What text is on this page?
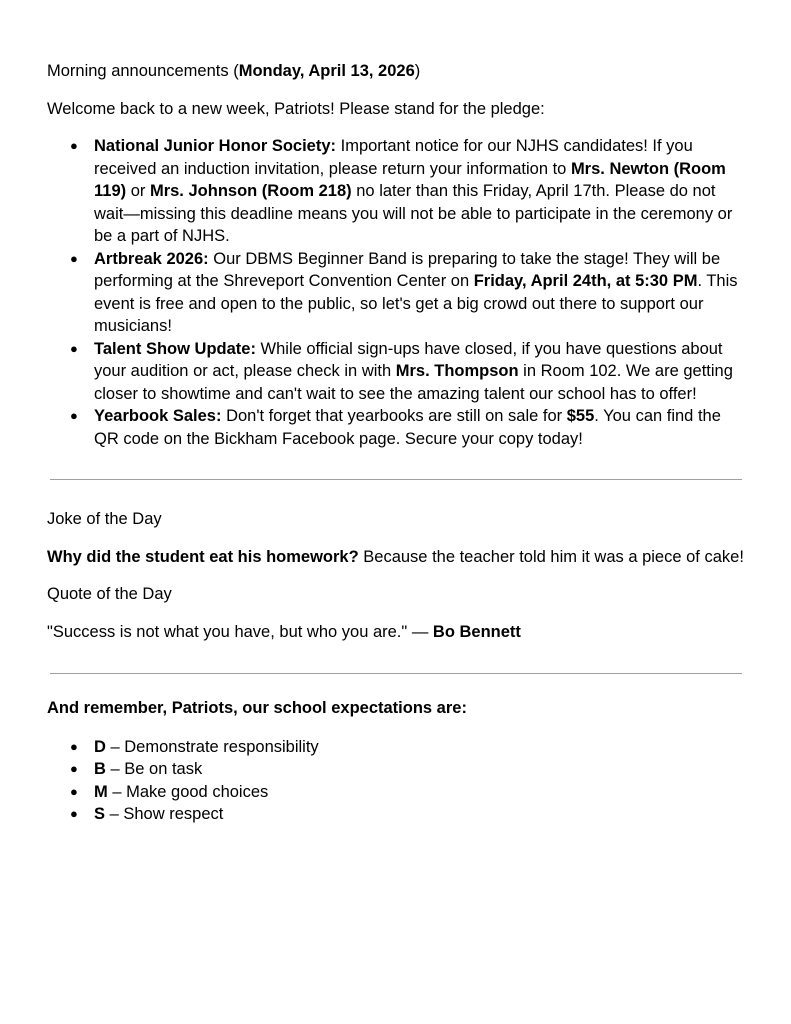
Morning announcements (Monday, April 13, 2026)

Welcome back to a new week, Patriots! Please stand for the pledge:

● National Junior Honor Society: Important notice for our NJHS candidates! If you received an induction invitation, please return your information to Mrs. Newton (Room 119) or Mrs. Johnson (Room 218) no later than this Friday, April 17th. Please do not wait—missing this deadline means you will not be able to participate in the ceremony or be a part of NJHS.
● Artbreak 2026: Our DBMS Beginner Band is preparing to take the stage! They will be performing at the Shreveport Convention Center on Friday, April 24th, at 5:30 PM. This event is free and open to the public, so let's get a big crowd out there to support our musicians!
● Talent Show Update: While official sign-ups have closed, if you have questions about your audition or act, please check in with Mrs. Thompson in Room 102. We are getting closer to showtime and can't wait to see the amazing talent our school has to offer!
● Yearbook Sales: Don't forget that yearbooks are still on sale for $55. You can find the QR code on the Bickham Facebook page. Secure your copy today!

Joke of the Day

Why did the student eat his homework? Because the teacher told him it was a piece of cake!

Quote of the Day

"Success is not what you have, but who you are." — Bo Bennett

And remember, Patriots, our school expectations are:

● D – Demonstrate responsibility
● B – Be on task
● M – Make good choices
● S – Show respect
